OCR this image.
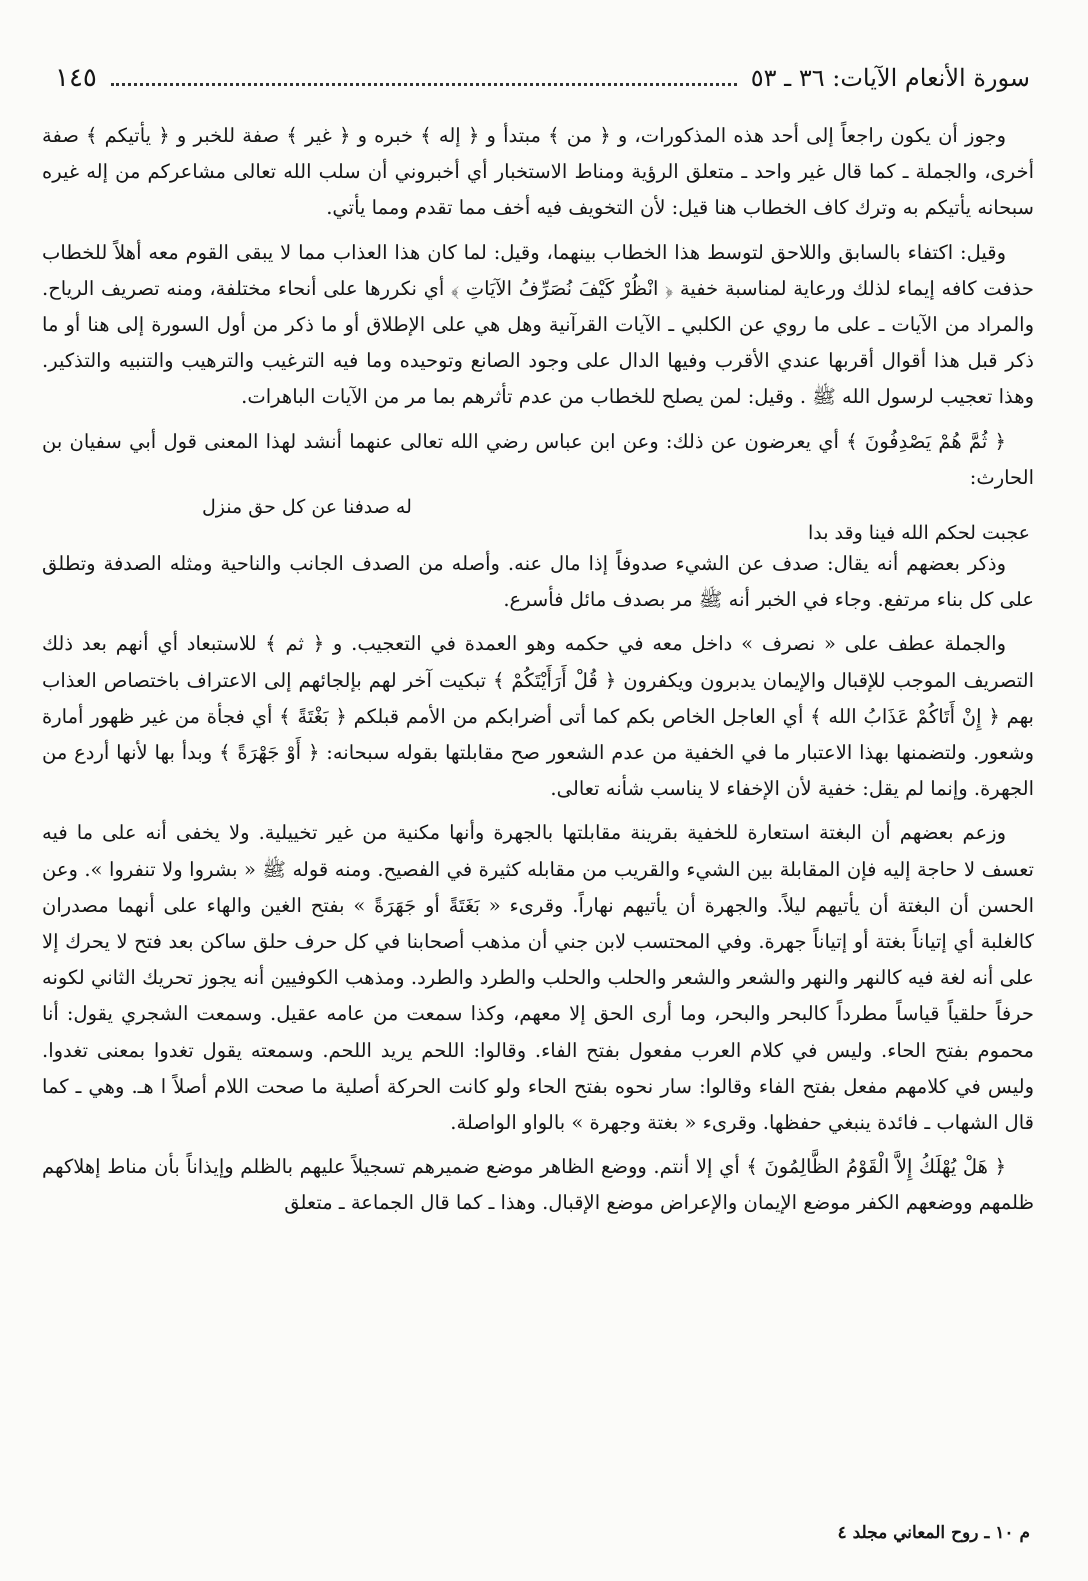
سورة الأنعام الآيات: ٣٦ ـ ٥٣
١٤٥

وجوز أن يكون راجعاً إلى أحد هذه المذكورات، و ﴿ من ﴾ مبتدأ و ﴿ إله ﴾ خبره و ﴿ غير ﴾ صفة للخبر و ﴿ يأتيكم ﴾ صفة أخرى، والجملة ـ كما قال غير واحد ـ متعلق الرؤية ومناط الاستخبار أي أخبروني أن سلب الله تعالى مشاعركم من إله غيره سبحانه يأتيكم به وترك كاف الخطاب هنا قيل: لأن التخويف فيه أخف مما تقدم ومما يأتي.

وقيل: اكتفاء بالسابق واللاحق لتوسط هذا الخطاب بينهما، وقيل: لما كان هذا العذاب مما لا يبقى القوم معه أهلاً للخطاب حذفت كافه إيماء لذلك ورعاية لمناسبة خفية ﴿ انْظُرْ كَيْفَ نُصَرِّفُ الآيَاتِ ﴾ أي نكررها على أنحاء مختلفة، ومنه تصريف الرياح. والمراد من الآيات ـ على ما روي عن الكلبي ـ الآيات القرآنية وهل هي على الإطلاق أو ما ذكر من أول السورة إلى هنا أو ما ذكر قبل هذا أقوال أقربها عندي الأقرب وفيها الدال على وجود الصانع وتوحيده وما فيه الترغيب والترهيب والتنبيه والتذكير. وهذا تعجيب لرسول الله ﷺ . وقيل: لمن يصلح للخطاب من عدم تأثرهم بما مر من الآيات الباهرات.

﴿ ثُمَّ هُمْ يَصْدِفُونَ ﴾ أي يعرضون عن ذلك: وعن ابن عباس رضي الله تعالى عنهما أنشد لهذا المعنى قول أبي سفيان بن الحارث:

عجبت لحكم الله فينا وقد بدا
له صدفنا عن كل حق منزل

وذكر بعضهم أنه يقال: صدف عن الشيء صدوفاً إذا مال عنه. وأصله من الصدف الجانب والناحية ومثله الصدفة وتطلق على كل بناء مرتفع. وجاء في الخبر أنه ﷺ مر بصدف مائل فأسرع.

والجملة عطف على « نصرف » داخل معه في حكمه وهو العمدة في التعجيب. و ﴿ ثم ﴾ للاستبعاد أي أنهم بعد ذلك التصريف الموجب للإقبال والإيمان يدبرون ويكفرون ﴿ قُلْ أَرَأَيْتَكُمْ ﴾ تبكيت آخر لهم بإلجائهم إلى الاعتراف باختصاص العذاب بهم ﴿ إِنْ أَتَاكُمْ عَذَابُ الله ﴾ أي العاجل الخاص بكم كما أتى أضرابكم من الأمم قبلكم ﴿ بَغْتَةً ﴾ أي فجأة من غير ظهور أمارة وشعور. ولتضمنها بهذا الاعتبار ما في الخفية من عدم الشعور صح مقابلتها بقوله سبحانه: ﴿ أَوْ جَهْرَةً ﴾ وبدأ بها لأنها أردع من الجهرة. وإنما لم يقل: خفية لأن الإخفاء لا يناسب شأنه تعالى.

وزعم بعضهم أن البغتة استعارة للخفية بقرينة مقابلتها بالجهرة وأنها مكنية من غير تخييلية. ولا يخفى أنه على ما فيه تعسف لا حاجة إليه فإن المقابلة بين الشيء والقريب من مقابله كثيرة في الفصيح. ومنه قوله ﷺ « بشروا ولا تنفروا ». وعن الحسن أن البغتة أن يأتيهم ليلاً. والجهرة أن يأتيهم نهاراً. وقرىء « بَغَتَةً أو جَهَرَةً » بفتح الغين والهاء على أنهما مصدران كالغلبة أي إتياناً بغتة أو إتياناً جهرة. وفي المحتسب لابن جني أن مذهب أصحابنا في كل حرف حلق ساكن بعد فتح لا يحرك إلا على أنه لغة فيه كالنهر والنهر والشعر والشعر والحلب والحلب والطرد والطرد. ومذهب الكوفيين أنه يجوز تحريك الثاني لكونه حرفاً حلقياً قياساً مطرداً كالبحر والبحر، وما أرى الحق إلا معهم، وكذا سمعت من عامه عقيل. وسمعت الشجري يقول: أنا محموم بفتح الحاء. وليس في كلام العرب مفعول بفتح الفاء. وقالوا: اللحم يريد اللحم. وسمعته يقول تغدوا بمعنى تغدوا. وليس في كلامهم مفعل بفتح الفاء وقالوا: سار نحوه بفتح الحاء ولو كانت الحركة أصلية ما صحت اللام أصلاً ا هـ. وهي ـ كما قال الشهاب ـ فائدة ينبغي حفظها. وقرىء « بغتة وجهرة » بالواو الواصلة.

﴿ هَلْ يُهْلَكُ إِلاَّ الْقَوْمُ الظَّالِمُونَ ﴾ أي إلا أنتم. ووضع الظاهر موضع ضميرهم تسجيلاً عليهم بالظلم وإيذاناً بأن مناط إهلاكهم ظلمهم ووضعهم الكفر موضع الإيمان والإعراض موضع الإقبال. وهذا ـ كما قال الجماعة ـ متعلق

م ١٠ ـ روح المعاني مجلد ٤
